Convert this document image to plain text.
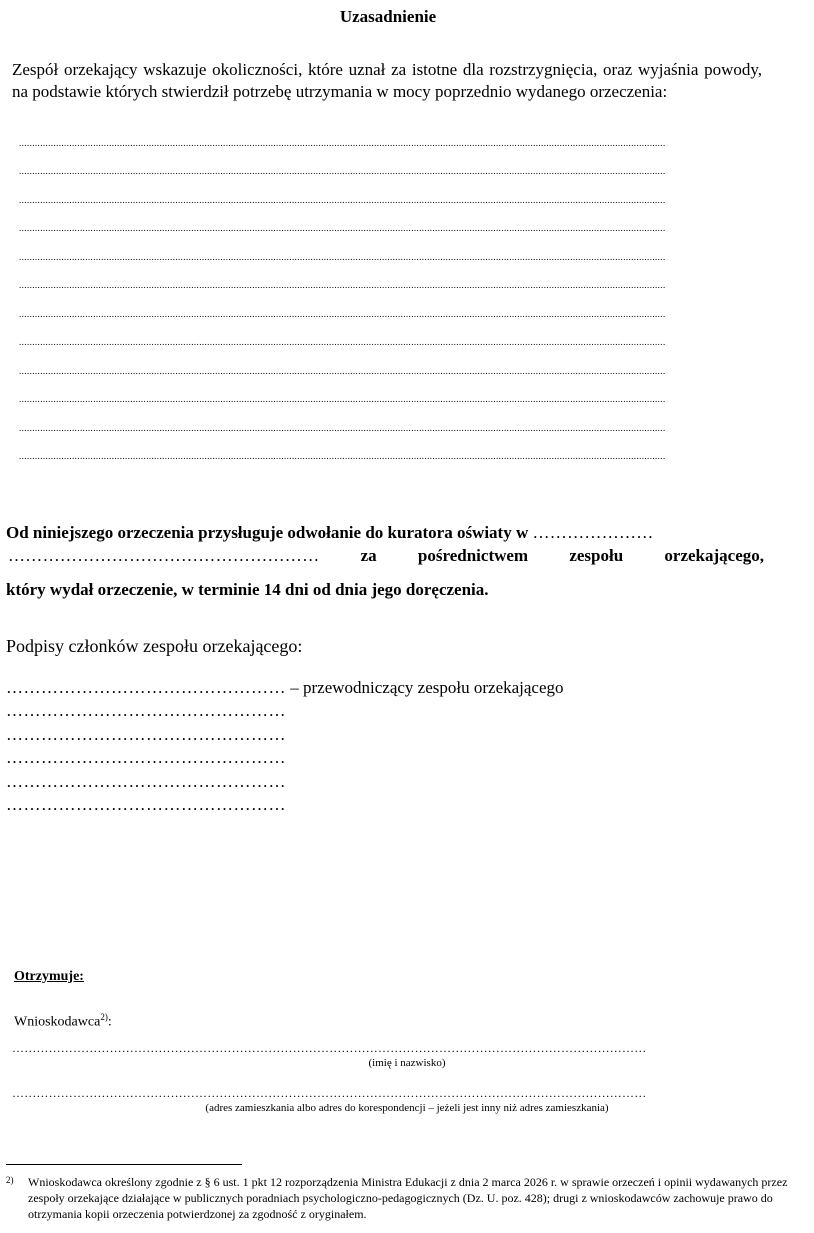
Uzasadnienie
Zespół orzekający wskazuje okoliczności, które uznał za istotne dla rozstrzygnięcia, oraz wyjaśnia powody, na podstawie których stwierdził potrzebę utrzymania w mocy poprzednio wydanego orzeczenia:
....................................................................................................................................................................................................................................................
....................................................................................................................................................................................................................................................
....................................................................................................................................................................................................................................................
....................................................................................................................................................................................................................................................
....................................................................................................................................................................................................................................................
....................................................................................................................................................................................................................................................
....................................................................................................................................................................................................................................................
....................................................................................................................................................................................................................................................
....................................................................................................................................................................................................................................................
....................................................................................................................................................................................................................................................
....................................................................................................................................................................................................................................................
....................................................................................................................................................................................................................................................
Od niniejszego orzeczenia przysługuje odwołanie do kuratora oświaty w …………………
……………………………………………… za pośrednictwem zespołu orzekającego,
który wydał orzeczenie, w terminie 14 dni od dnia jego doręczenia.
Podpisy członków zespołu orzekającego:
………………………………………… – przewodniczący zespołu orzekającego
…………………………………………
…………………………………………
…………………………………………
…………………………………………
…………………………………………
Otrzymuje:
Wnioskodawca$^{2)}$:
…………………………………………………………………………………………………………………………………………
(imię i nazwisko)
…………………………………………………………………………………………………………………………………………
(adres zamieszkania albo adres do korespondencji – jeżeli jest inny niż adres zamieszkania)
2) Wnioskodawca określony zgodnie z § 6 ust. 1 pkt 12 rozporządzenia Ministra Edukacji z dnia 2 marca 2026 r. w sprawie orzeczeń i opinii wydawanych przez zespoły orzekające działające w publicznych poradniach psychologiczno-pedagogicznych (Dz. U. poz. 428); drugi z wnioskodawców zachowuje prawo do otrzymania kopii orzeczenia potwierdzonej za zgodność z oryginałem.
